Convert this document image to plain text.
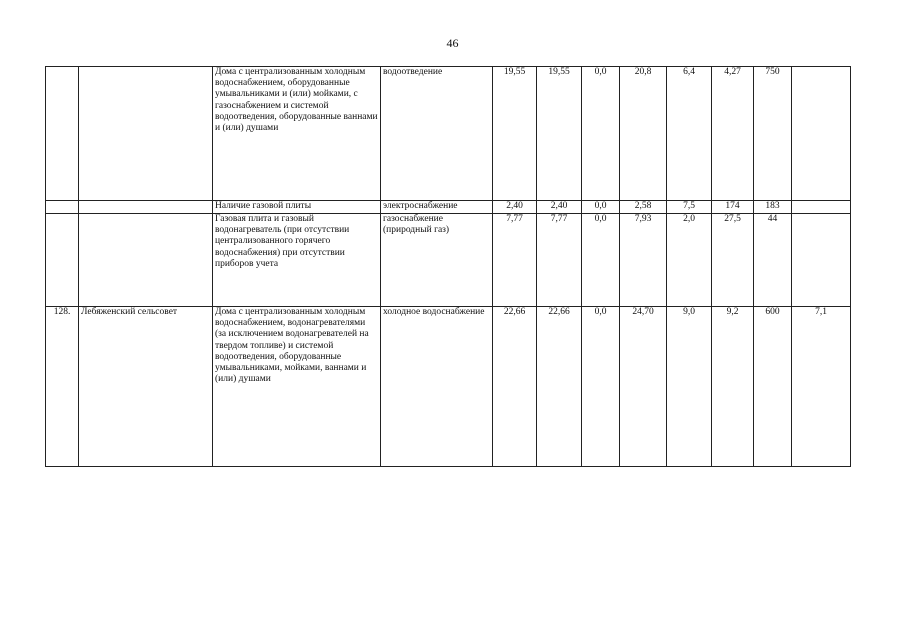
46
		Дома с централизованным холодным водоснабжением, оборудованные умывальниками и (или) мойками, с газоснабжением и системой водоотведения, оборудованные ваннами и (или) душами	водоотведение	19,55	19,55	0,0	20,8	6,4	4,27	750	
		Наличие газовой плиты	электроснабжение	2,40	2,40	0,0	2,58	7,5	174	183	
		Газовая плита и газовый водонагреватель (при отсутствии централизованного горячего водоснабжения) при отсутствии приборов учета	газоснабжение (природный газ)	7,77	7,77	0,0	7,93	2,0	27,5	44	
128.	Лебяженский сельсовет	Дома с централизованным холодным водоснабжением, водонагревателями (за исключением водонагревателей на твердом топливе) и системой водоотведения, оборудованные умывальниками, мойками, ваннами и (или) душами	холодное водоснабжение	22,66	22,66	0,0	24,70	9,0	9,2	600	7,1
